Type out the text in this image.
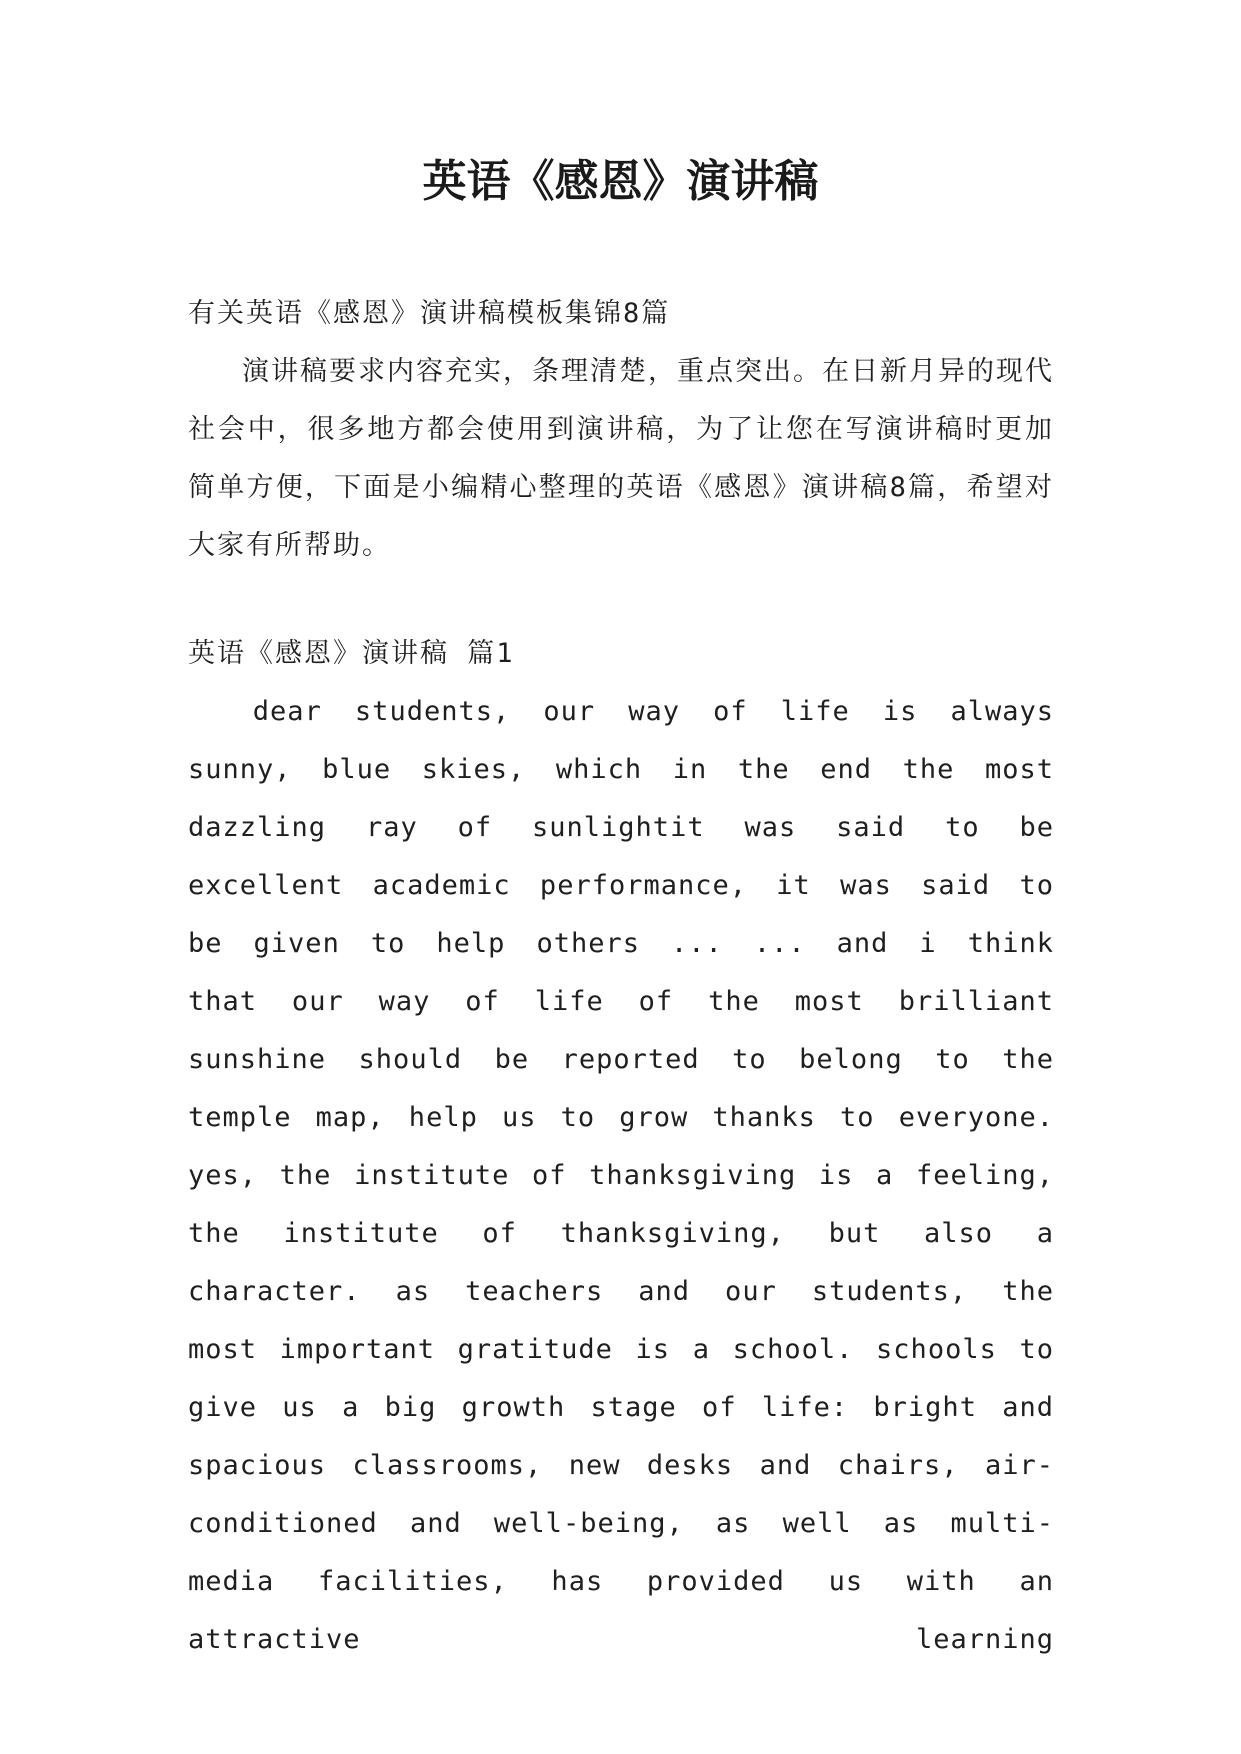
英语《感恩》演讲稿

有关英语《感恩》演讲稿模板集锦8篇

演讲稿要求内容充实，条理清楚，重点突出。在日新月异的现代社会中，很多地方都会使用到演讲稿，为了让您在写演讲稿时更加简单方便，下面是小编精心整理的英语《感恩》演讲稿8篇，希望对大家有所帮助。

英语《感恩》演讲稿 篇1

dear students, our way of life is always sunny, blue skies, which in the end the most dazzling ray of sunlightit was said to be excellent academic performance, it was said to be given to help others ... ... and i think that our way of life of the most brilliant sunshine should be reported to belong to the temple map, help us to grow thanks to everyone. yes, the institute of thanksgiving is a feeling, the institute of thanksgiving, but also a character. as teachers and our students, the most important gratitude is a school. schools to give us a big growth stage of life: bright and spacious classrooms, new desks and chairs, air-conditioned and well-being, as well as multi-media facilities, has provided us with an attractive learning
